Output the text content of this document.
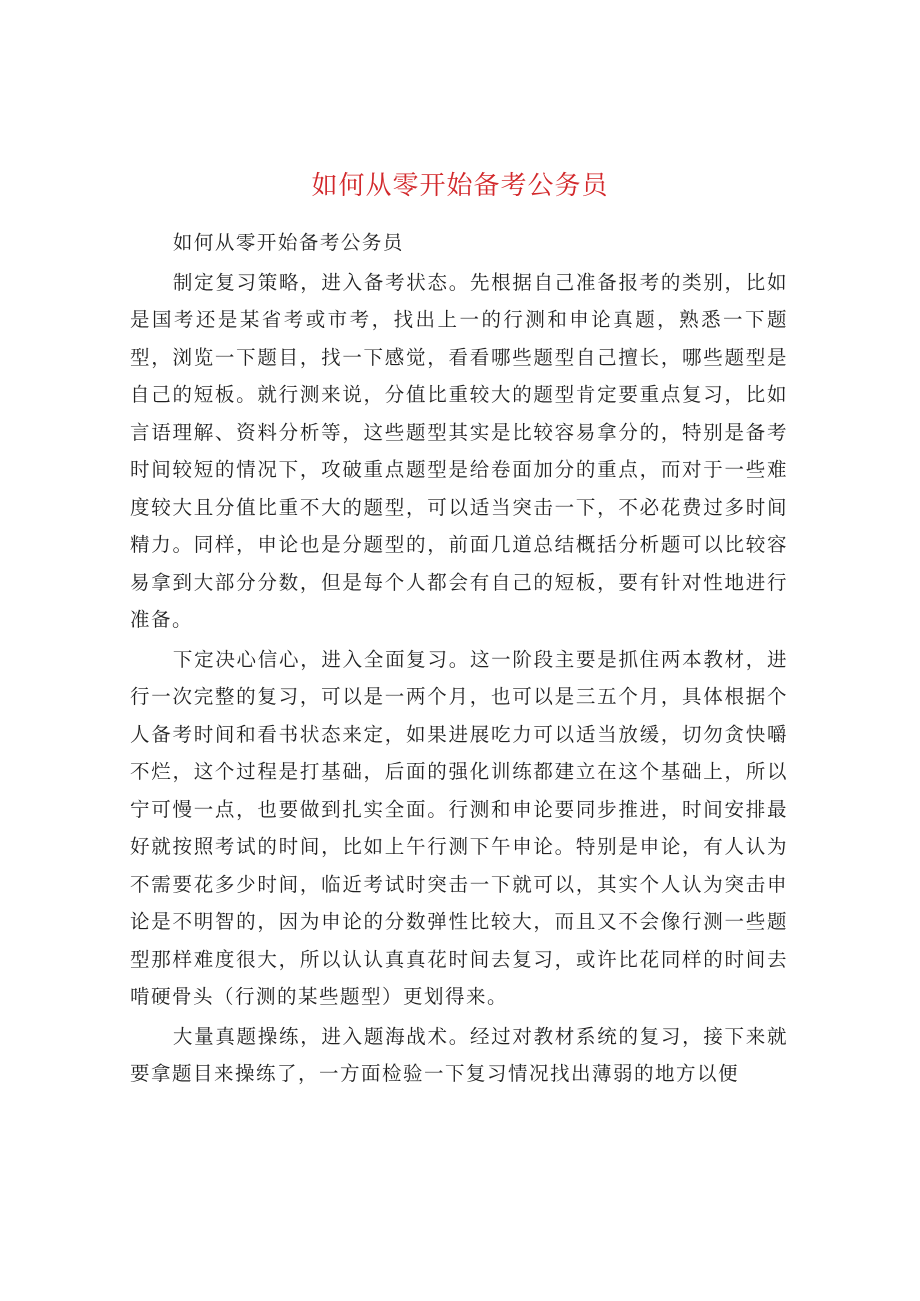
如何从零开始备考公务员

如何从零开始备考公务员

制定复习策略，进入备考状态。先根据自己准备报考的类别，比如是国考还是某省考或市考，找出上一的行测和申论真题，熟悉一下题型，浏览一下题目，找一下感觉，看看哪些题型自己擅长，哪些题型是自己的短板。就行测来说，分值比重较大的题型肯定要重点复习，比如言语理解、资料分析等，这些题型其实是比较容易拿分的，特别是备考时间较短的情况下，攻破重点题型是给卷面加分的重点，而对于一些难度较大且分值比重不大的题型，可以适当突击一下，不必花费过多时间精力。同样，申论也是分题型的，前面几道总结概括分析题可以比较容易拿到大部分分数，但是每个人都会有自己的短板，要有针对性地进行准备。

下定决心信心，进入全面复习。这一阶段主要是抓住两本教材，进行一次完整的复习，可以是一两个月，也可以是三五个月，具体根据个人备考时间和看书状态来定，如果进展吃力可以适当放缓，切勿贪快嚼不烂，这个过程是打基础，后面的强化训练都建立在这个基础上，所以宁可慢一点，也要做到扎实全面。行测和申论要同步推进，时间安排最好就按照考试的时间，比如上午行测下午申论。特别是申论，有人认为不需要花多少时间，临近考试时突击一下就可以，其实个人认为突击申论是不明智的，因为申论的分数弹性比较大，而且又不会像行测一些题型那样难度很大，所以认认真真花时间去复习，或许比花同样的时间去啃硬骨头（行测的某些题型）更划得来。

大量真题操练，进入题海战术。经过对教材系统的复习，接下来就要拿题目来操练了，一方面检验一下复习情况找出薄弱的地方以便
